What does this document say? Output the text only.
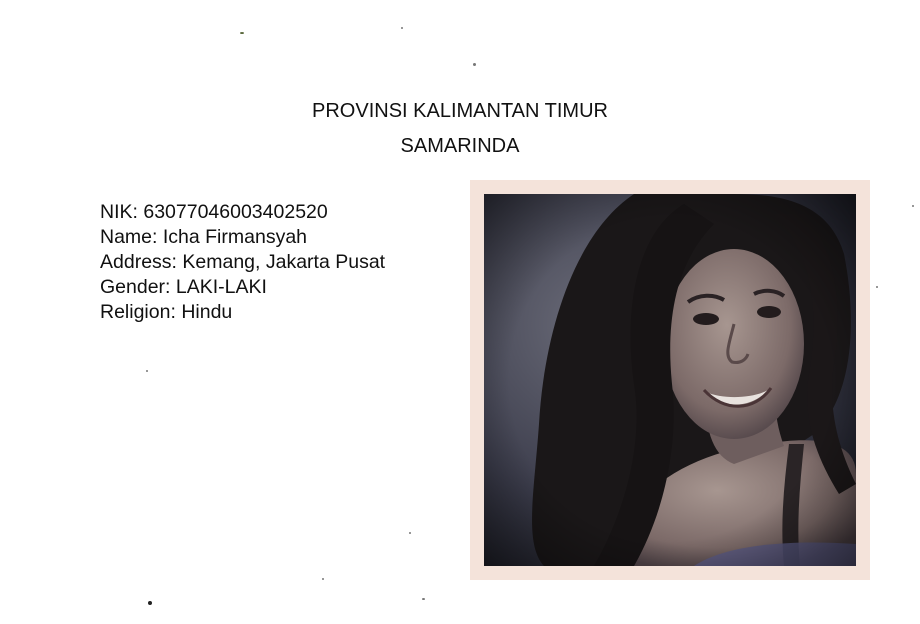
PROVINSI KALIMANTAN TIMUR
SAMARINDA
NIK: 63077046003402520
Name: Icha Firmansyah
Address: Kemang, Jakarta Pusat
Gender: LAKI-LAKI
Religion: Hindu
